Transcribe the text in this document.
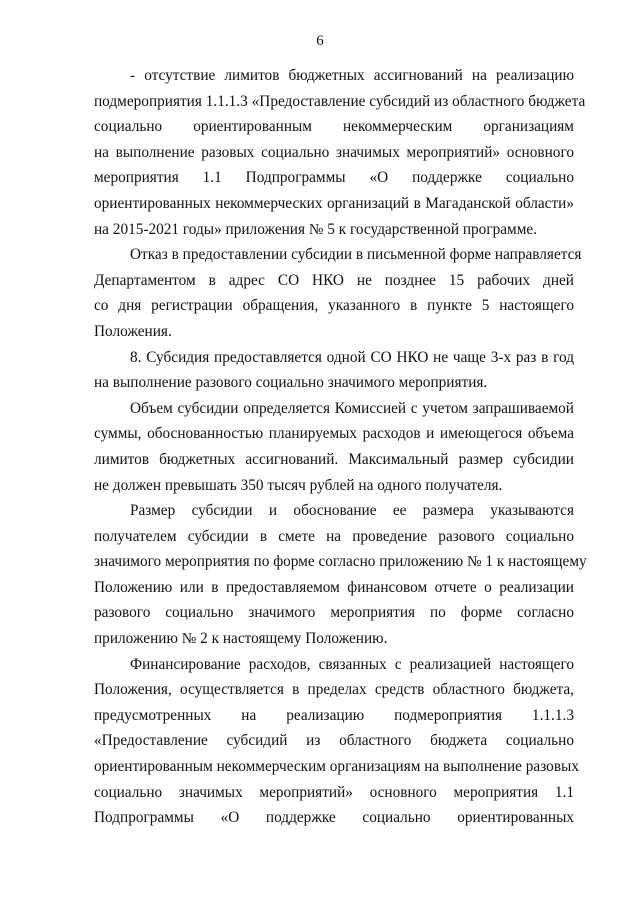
6

- отсутствие лимитов бюджетных ассигнований на реализацию
подмероприятия 1.1.1.3 «Предоставление субсидий из областного бюджета
социально ориентированным некоммерческим организациям
на выполнение разовых социально значимых мероприятий» основного
мероприятия 1.1 Подпрограммы «О поддержке социально
ориентированных некоммерческих организаций в Магаданской области»
на 2015-2021 годы» приложения № 5 к государственной программе.

Отказ в предоставлении субсидии в письменной форме направляется
Департаментом в адрес СО НКО не позднее 15 рабочих дней
со дня регистрации обращения, указанного в пункте 5 настоящего
Положения.

8. Субсидия предоставляется одной СО НКО не чаще 3-х раз в год
на выполнение разового социально значимого мероприятия.

Объем субсидии определяется Комиссией с учетом запрашиваемой
суммы, обоснованностью планируемых расходов и имеющегося объема
лимитов бюджетных ассигнований. Максимальный размер субсидии
не должен превышать 350 тысяч рублей на одного получателя.

Размер субсидии и обоснование ее размера указываются
получателем субсидии в смете на проведение разового социально
значимого мероприятия по форме согласно приложению № 1 к настоящему
Положению или в предоставляемом финансовом отчете о реализации
разового социально значимого мероприятия по форме согласно
приложению № 2 к настоящему Положению.

Финансирование расходов, связанных с реализацией настоящего
Положения, осуществляется в пределах средств областного бюджета,
предусмотренных на реализацию подмероприятия 1.1.1.3
«Предоставление субсидий из областного бюджета социально
ориентированным некоммерческим организациям на выполнение разовых
социально значимых мероприятий» основного мероприятия 1.1
Подпрограммы «О поддержке социально ориентированных
